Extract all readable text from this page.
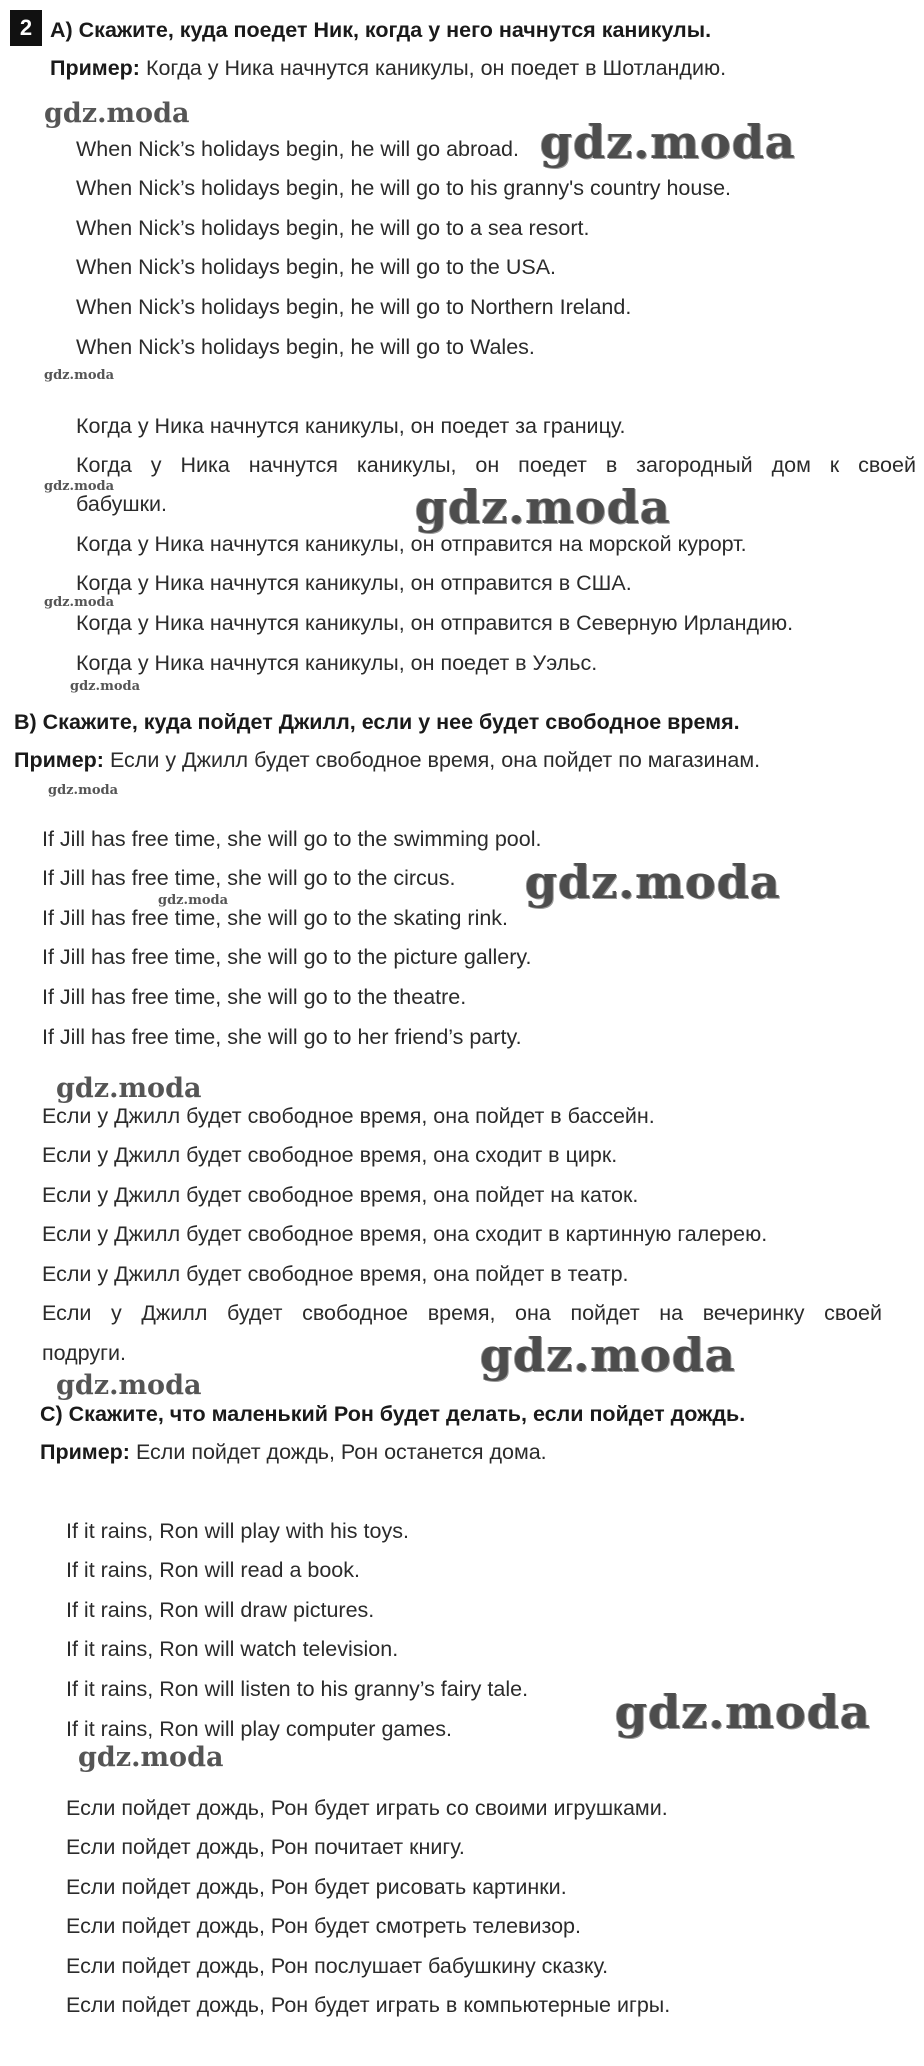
2 A) Скажите, куда поедет Ник, когда у него начнутся каникулы.
Пример: Когда у Ника начнутся каникулы, он поедет в Шотландию.
When Nick’s holidays begin, he will go abroad.
When Nick’s holidays begin, he will go to his granny's country house.
When Nick’s holidays begin, he will go to a sea resort.
When Nick’s holidays begin, he will go to the USA.
When Nick’s holidays begin, he will go to Northern Ireland.
When Nick’s holidays begin, he will go to Wales.
Когда у Ника начнутся каникулы, он поедет за границу.
Когда у Ника начнутся каникулы, он поедет в загородный дом к своей
бабушки.
Когда у Ника начнутся каникулы, он отправится на морской курорт.
Когда у Ника начнутся каникулы, он отправится в США.
Когда у Ника начнутся каникулы, он отправится в Северную Ирландию.
Когда у Ника начнутся каникулы, он поедет в Уэльс.
B) Скажите, куда пойдет Джилл, если у нее будет свободное время.
Пример: Если у Джилл будет свободное время, она пойдет по магазинам.
If Jill has free time, she will go to the swimming pool.
If Jill has free time, she will go to the circus.
If Jill has free time, she will go to the skating rink.
If Jill has free time, she will go to the picture gallery.
If Jill has free time, she will go to the theatre.
If Jill has free time, she will go to her friend’s party.
Если у Джилл будет свободное время, она пойдет в бассейн.
Если у Джилл будет свободное время, она сходит в цирк.
Если у Джилл будет свободное время, она пойдет на каток.
Если у Джилл будет свободное время, она сходит в картинную галерею.
Если у Джилл будет свободное время, она пойдет в театр.
Если у Джилл будет свободное время, она пойдет на вечеринку своей
подруги.
C) Скажите, что маленький Рон будет делать, если пойдет дождь.
Пример: Если пойдет дождь, Рон останется дома.
If it rains, Ron will play with his toys.
If it rains, Ron will read a book.
If it rains, Ron will draw pictures.
If it rains, Ron will watch television.
If it rains, Ron will listen to his granny’s fairy tale.
If it rains, Ron will play computer games.
Если пойдет дождь, Рон будет играть со своими игрушками.
Если пойдет дождь, Рон почитает книгу.
Если пойдет дождь, Рон будет рисовать картинки.
Если пойдет дождь, Рон будет смотреть телевизор.
Если пойдет дождь, Рон послушает бабушкину сказку.
Если пойдет дождь, Рон будет играть в компьютерные игры.
gdz.moda
gdz.moda
gdz.moda
gdz.moda	gdz.moda
gdz.moda
gdz.moda
gdz.moda
gdz.moda
gdz.moda
gdz.moda
gdz.moda
gdz.moda
gdz.moda
gdz.moda
